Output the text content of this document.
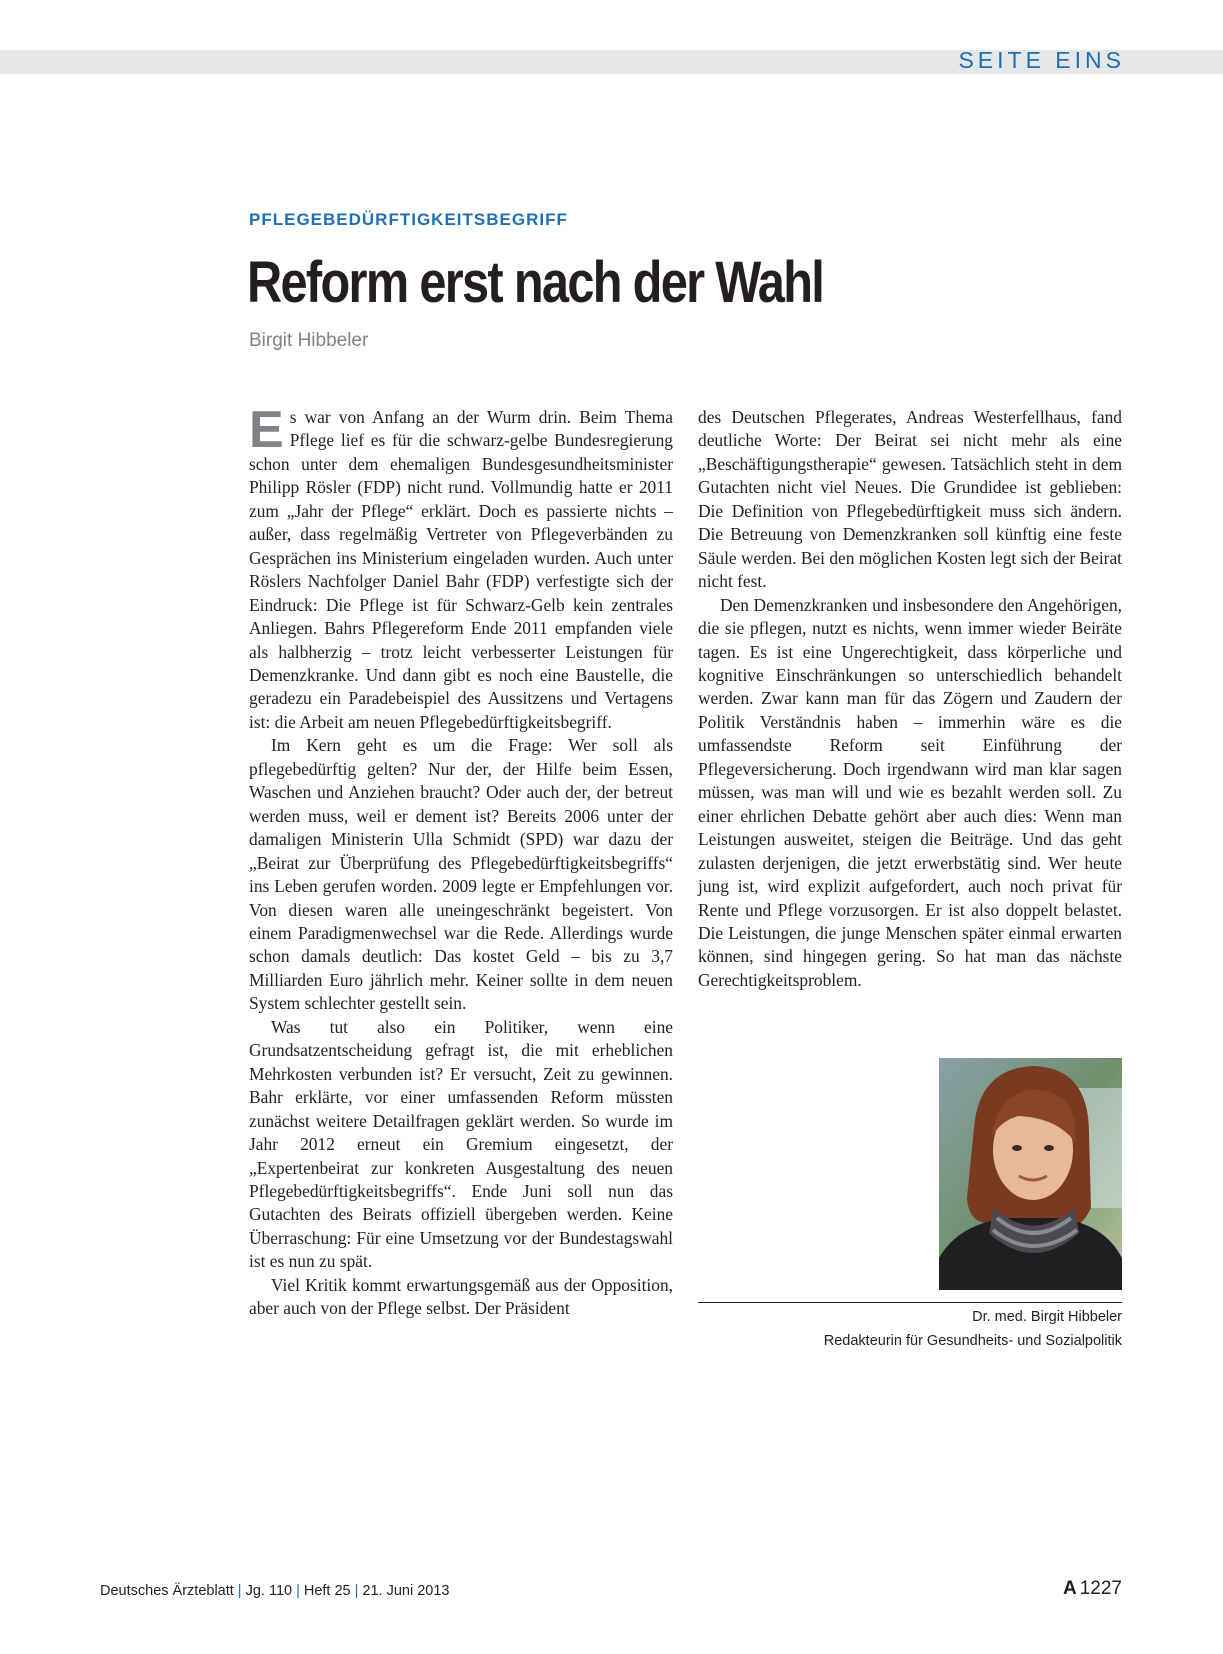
SEITE EINS
PFLEGEBEDÜRFTIGKEITSBEGRIFF
Reform erst nach der Wahl
Birgit Hibbeler

Es war von Anfang an der Wurm drin. Beim Thema Pflege lief es für die schwarz-gelbe Bundesregierung schon unter dem ehemaligen Bundesgesundheitsminister Philipp Rösler (FDP) nicht rund. Vollmundig hatte er 2011 zum „Jahr der Pflege“ erklärt. Doch es passierte nichts – außer, dass regelmäßig Vertreter von Pflegeverbänden zu Gesprächen ins Ministerium eingeladen wurden. Auch unter Röslers Nachfolger Daniel Bahr (FDP) verfestigte sich der Eindruck: Die Pflege ist für Schwarz-Gelb kein zentrales Anliegen. Bahrs Pflegereform Ende 2011 empfanden viele als halbherzig – trotz leicht verbesserter Leistungen für Demenzkranke. Und dann gibt es noch eine Baustelle, die geradezu ein Paradebeispiel des Aussitzens und Vertagens ist: die Arbeit am neuen Pflegebedürftigkeitsbegriff.

Im Kern geht es um die Frage: Wer soll als pflegebedürftig gelten? Nur der, der Hilfe beim Essen, Waschen und Anziehen braucht? Oder auch der, der betreut werden muss, weil er dement ist? Bereits 2006 unter der damaligen Ministerin Ulla Schmidt (SPD) war dazu der „Beirat zur Überprüfung des Pflegebedürftigkeitsbegriffs“ ins Leben gerufen worden. 2009 legte er Empfehlungen vor. Von diesen waren alle uneingeschränkt begeistert. Von einem Paradigmenwechsel war die Rede. Allerdings wurde schon damals deutlich: Das kostet Geld – bis zu 3,7 Milliarden Euro jährlich mehr. Keiner sollte in dem neuen System schlechter gestellt sein.

Was tut also ein Politiker, wenn eine Grundsatzentscheidung gefragt ist, die mit erheblichen Mehrkosten verbunden ist? Er versucht, Zeit zu gewinnen. Bahr erklärte, vor einer umfassenden Reform müssten zunächst weitere Detailfragen geklärt werden. So wurde im Jahr 2012 erneut ein Gremium eingesetzt, der „Expertenbeirat zur konkreten Ausgestaltung des neuen Pflegebedürftigkeitsbegriffs“. Ende Juni soll nun das Gutachten des Beirats offiziell übergeben werden. Keine Überraschung: Für eine Umsetzung vor der Bundestagswahl ist es nun zu spät.

Viel Kritik kommt erwartungsgemäß aus der Opposition, aber auch von der Pflege selbst. Der Präsident

des Deutschen Pflegerates, Andreas Westerfellhaus, fand deutliche Worte: Der Beirat sei nicht mehr als eine „Beschäftigungstherapie“ gewesen. Tatsächlich steht in dem Gutachten nicht viel Neues. Die Grundidee ist geblieben: Die Definition von Pflegebedürftigkeit muss sich ändern. Die Betreuung von Demenzkranken soll künftig eine feste Säule werden. Bei den möglichen Kosten legt sich der Beirat nicht fest.

Den Demenzkranken und insbesondere den Angehörigen, die sie pflegen, nutzt es nichts, wenn immer wieder Beiräte tagen. Es ist eine Ungerechtigkeit, dass körperliche und kognitive Einschränkungen so unterschiedlich behandelt werden. Zwar kann man für das Zögern und Zaudern der Politik Verständnis haben – immerhin wäre es die umfassendste Reform seit Einführung der Pflegeversicherung. Doch irgendwann wird man klar sagen müssen, was man will und wie es bezahlt werden soll. Zu einer ehrlichen Debatte gehört aber auch dies: Wenn man Leistungen ausweitet, steigen die Beiträge. Und das geht zulasten derjenigen, die jetzt erwerbstätig sind. Wer heute jung ist, wird explizit aufgefordert, auch noch privat für Rente und Pflege vorzusorgen. Er ist also doppelt belastet. Die Leistungen, die junge Menschen später einmal erwarten können, sind hingegen gering. So hat man das nächste Gerechtigkeitsproblem.

Dr. med. Birgit Hibbeler
Redakteurin für Gesundheits- und Sozialpolitik
Deutsches Ärzteblatt | Jg. 110 | Heft 25 | 21. Juni 2013	A 1227
